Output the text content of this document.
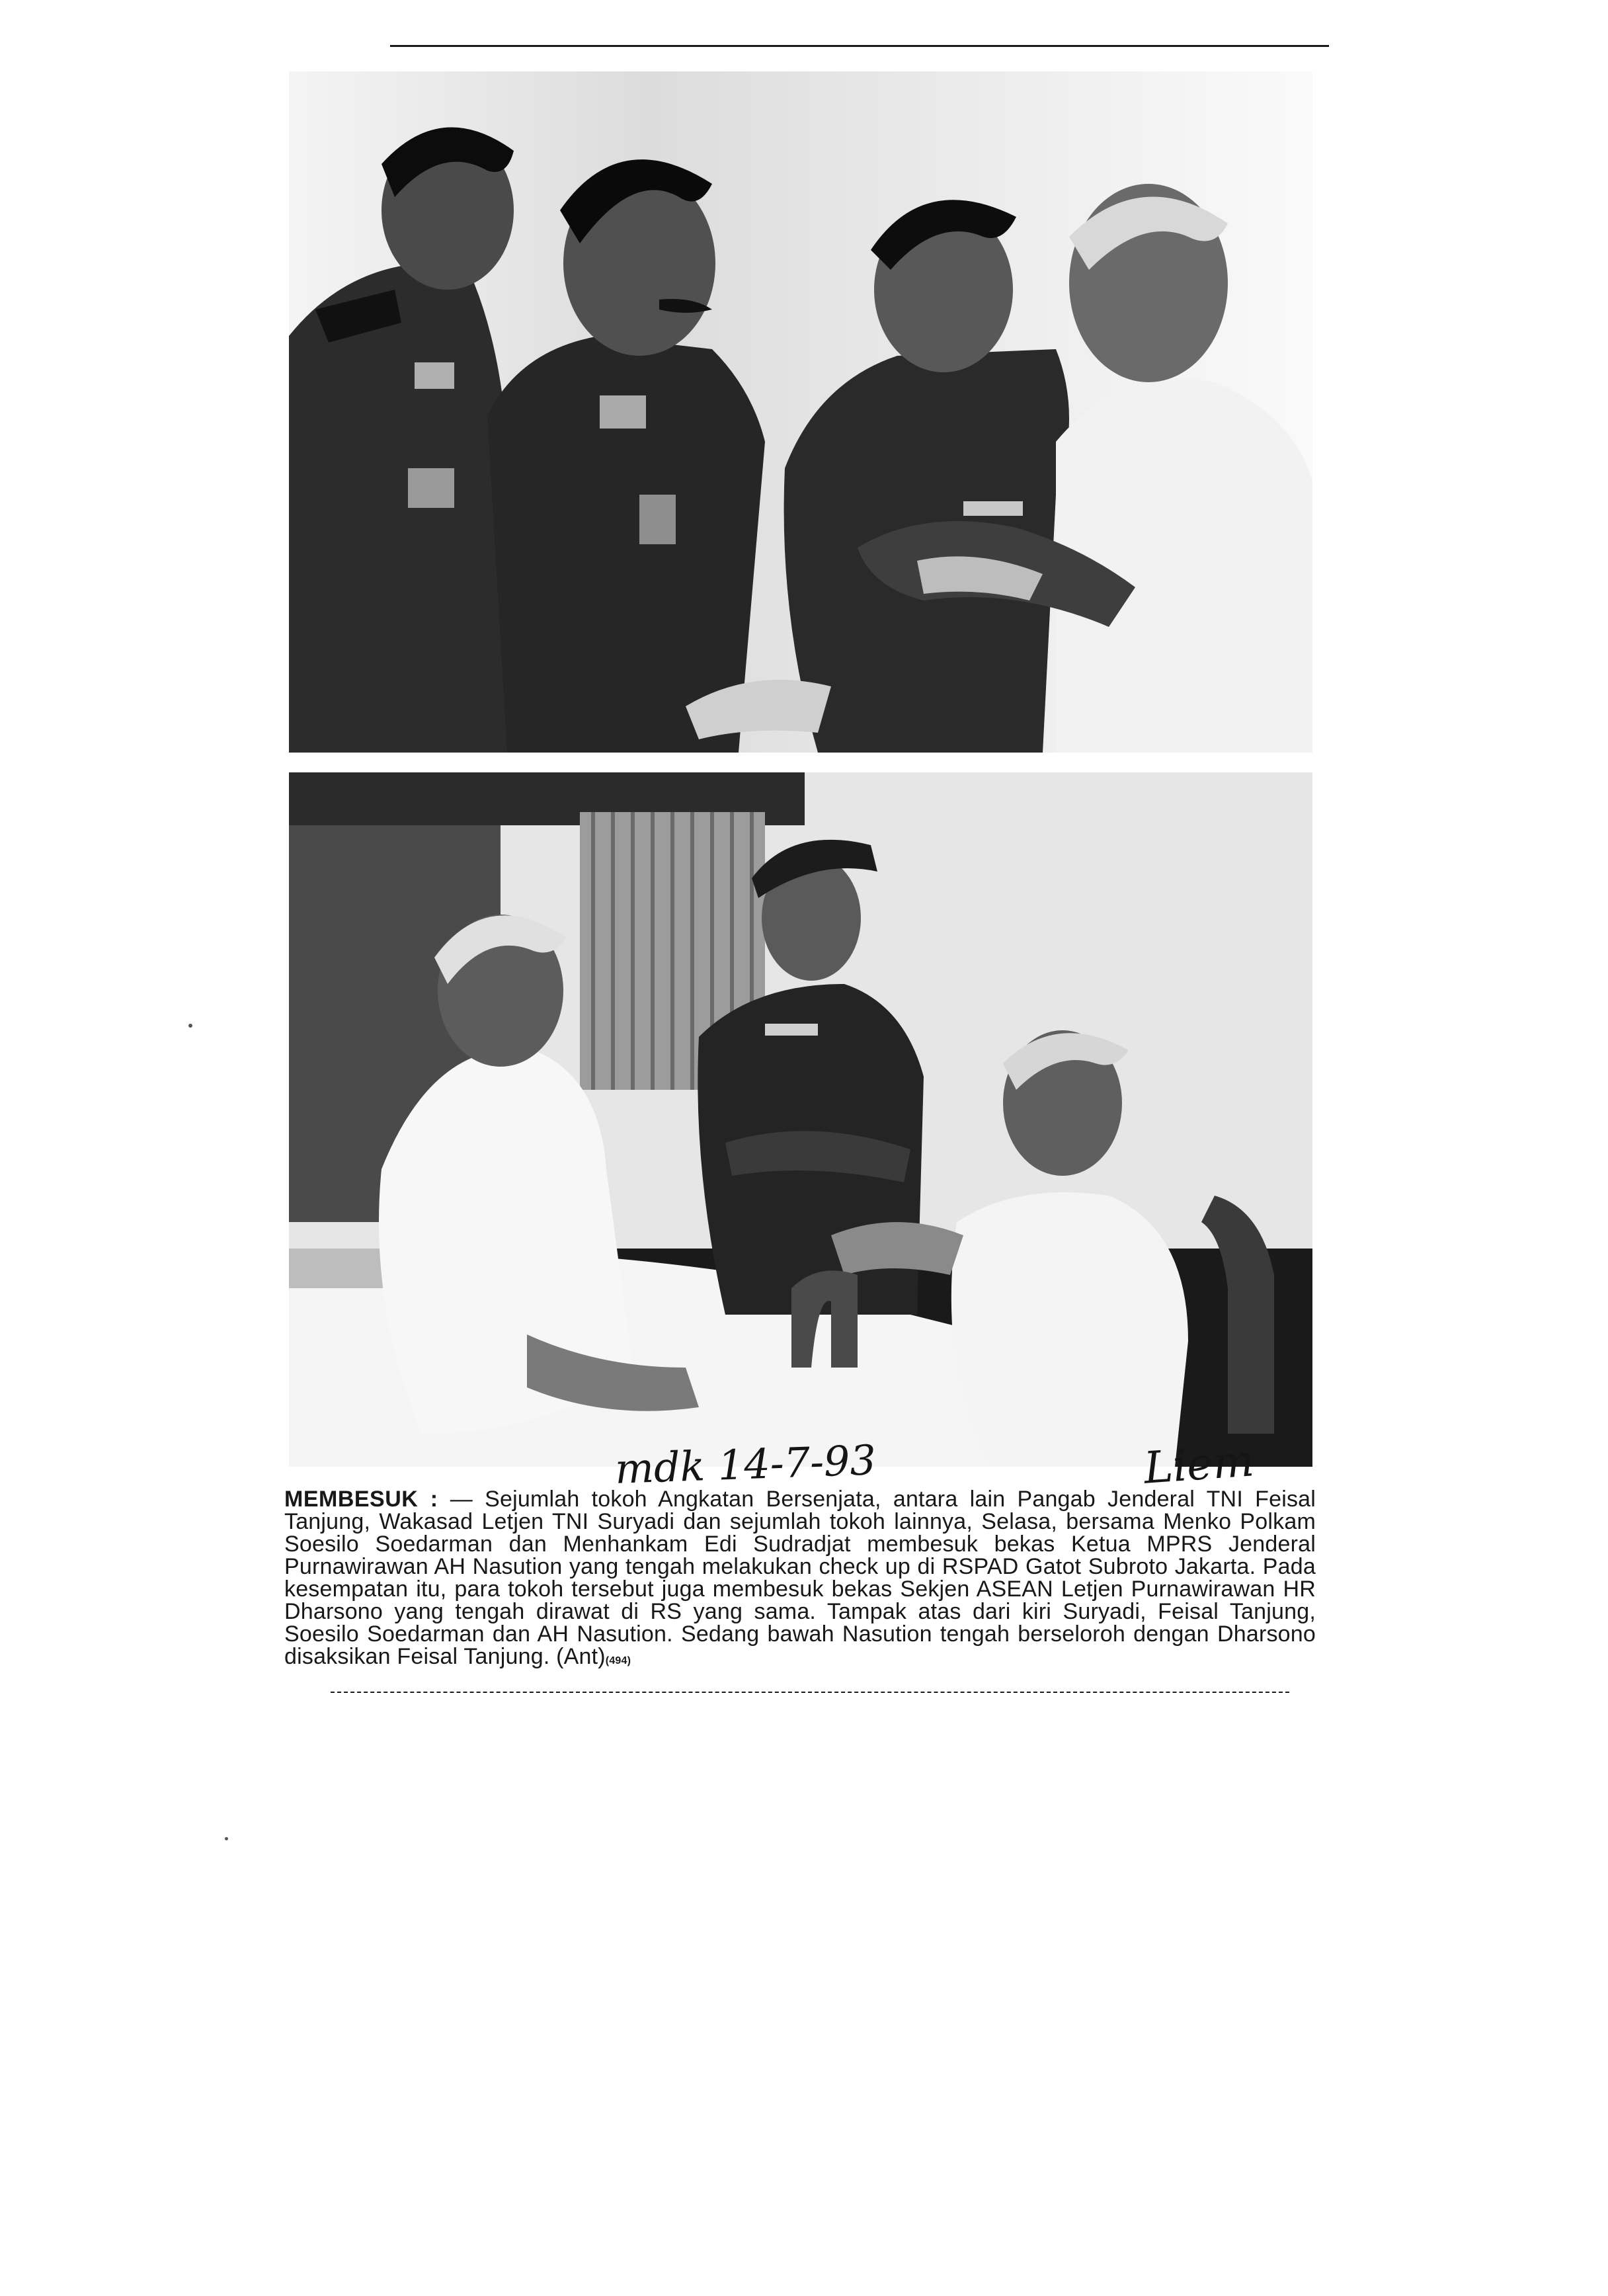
mdk 14-7-93	Liem
MEMBESUK : — Sejumlah tokoh Angkatan Bersenjata, antara lain Pangab Jenderal TNI Feisal Tanjung, Wakasad Letjen TNI Suryadi dan sejumlah tokoh lainnya, Selasa, bersama Menko Polkam Soesilo Soedarman dan Menhankam Edi Sudradjat membesuk bekas Ketua MPRS Jenderal Purnawirawan AH Nasution yang tengah melakukan check up di RSPAD Gatot Subroto Jakarta. Pada kesempatan itu, para tokoh tersebut juga membesuk bekas Sekjen ASEAN Letjen Purnawirawan HR Dharsono yang tengah dirawat di RS yang sama. Tampak atas dari kiri Suryadi, Feisal Tanjung, Soesilo Soedarman dan AH Nasution. Sedang bawah Nasution tengah berseloroh dengan Dharsono disaksikan Feisal Tanjung. (Ant)(494)
